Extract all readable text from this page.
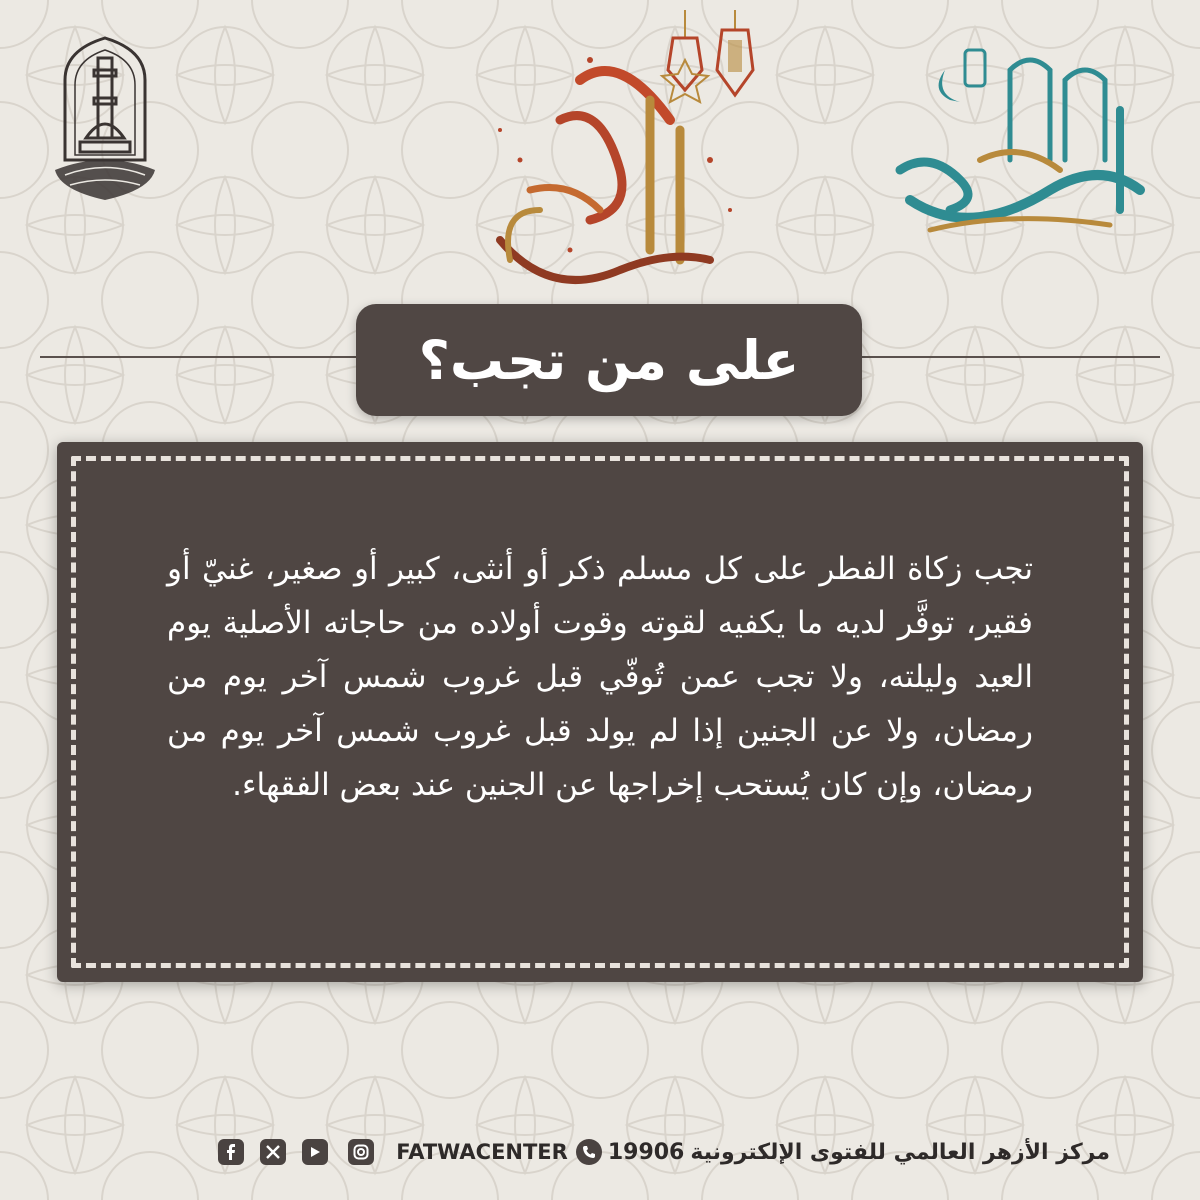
على من تجب؟

تجب زكاة الفطر على كل مسلم ذكر أو أنثى، كبير أو صغير، غنيّ أو فقير، توفَّر لديه ما يكفيه لقوته وقوت أولاده من حاجاته الأصلية يوم العيد وليلته، ولا تجب عمن تُوفّي قبل غروب شمس آخر يوم من رمضان، ولا عن الجنين إذا لم يولد قبل غروب شمس آخر يوم من رمضان، وإن كان يُستحب إخراجها عن الجنين عند بعض الفقهاء.

FATWACENTER 19906 مركز الأزهر العالمي للفتوى الإلكترونية
